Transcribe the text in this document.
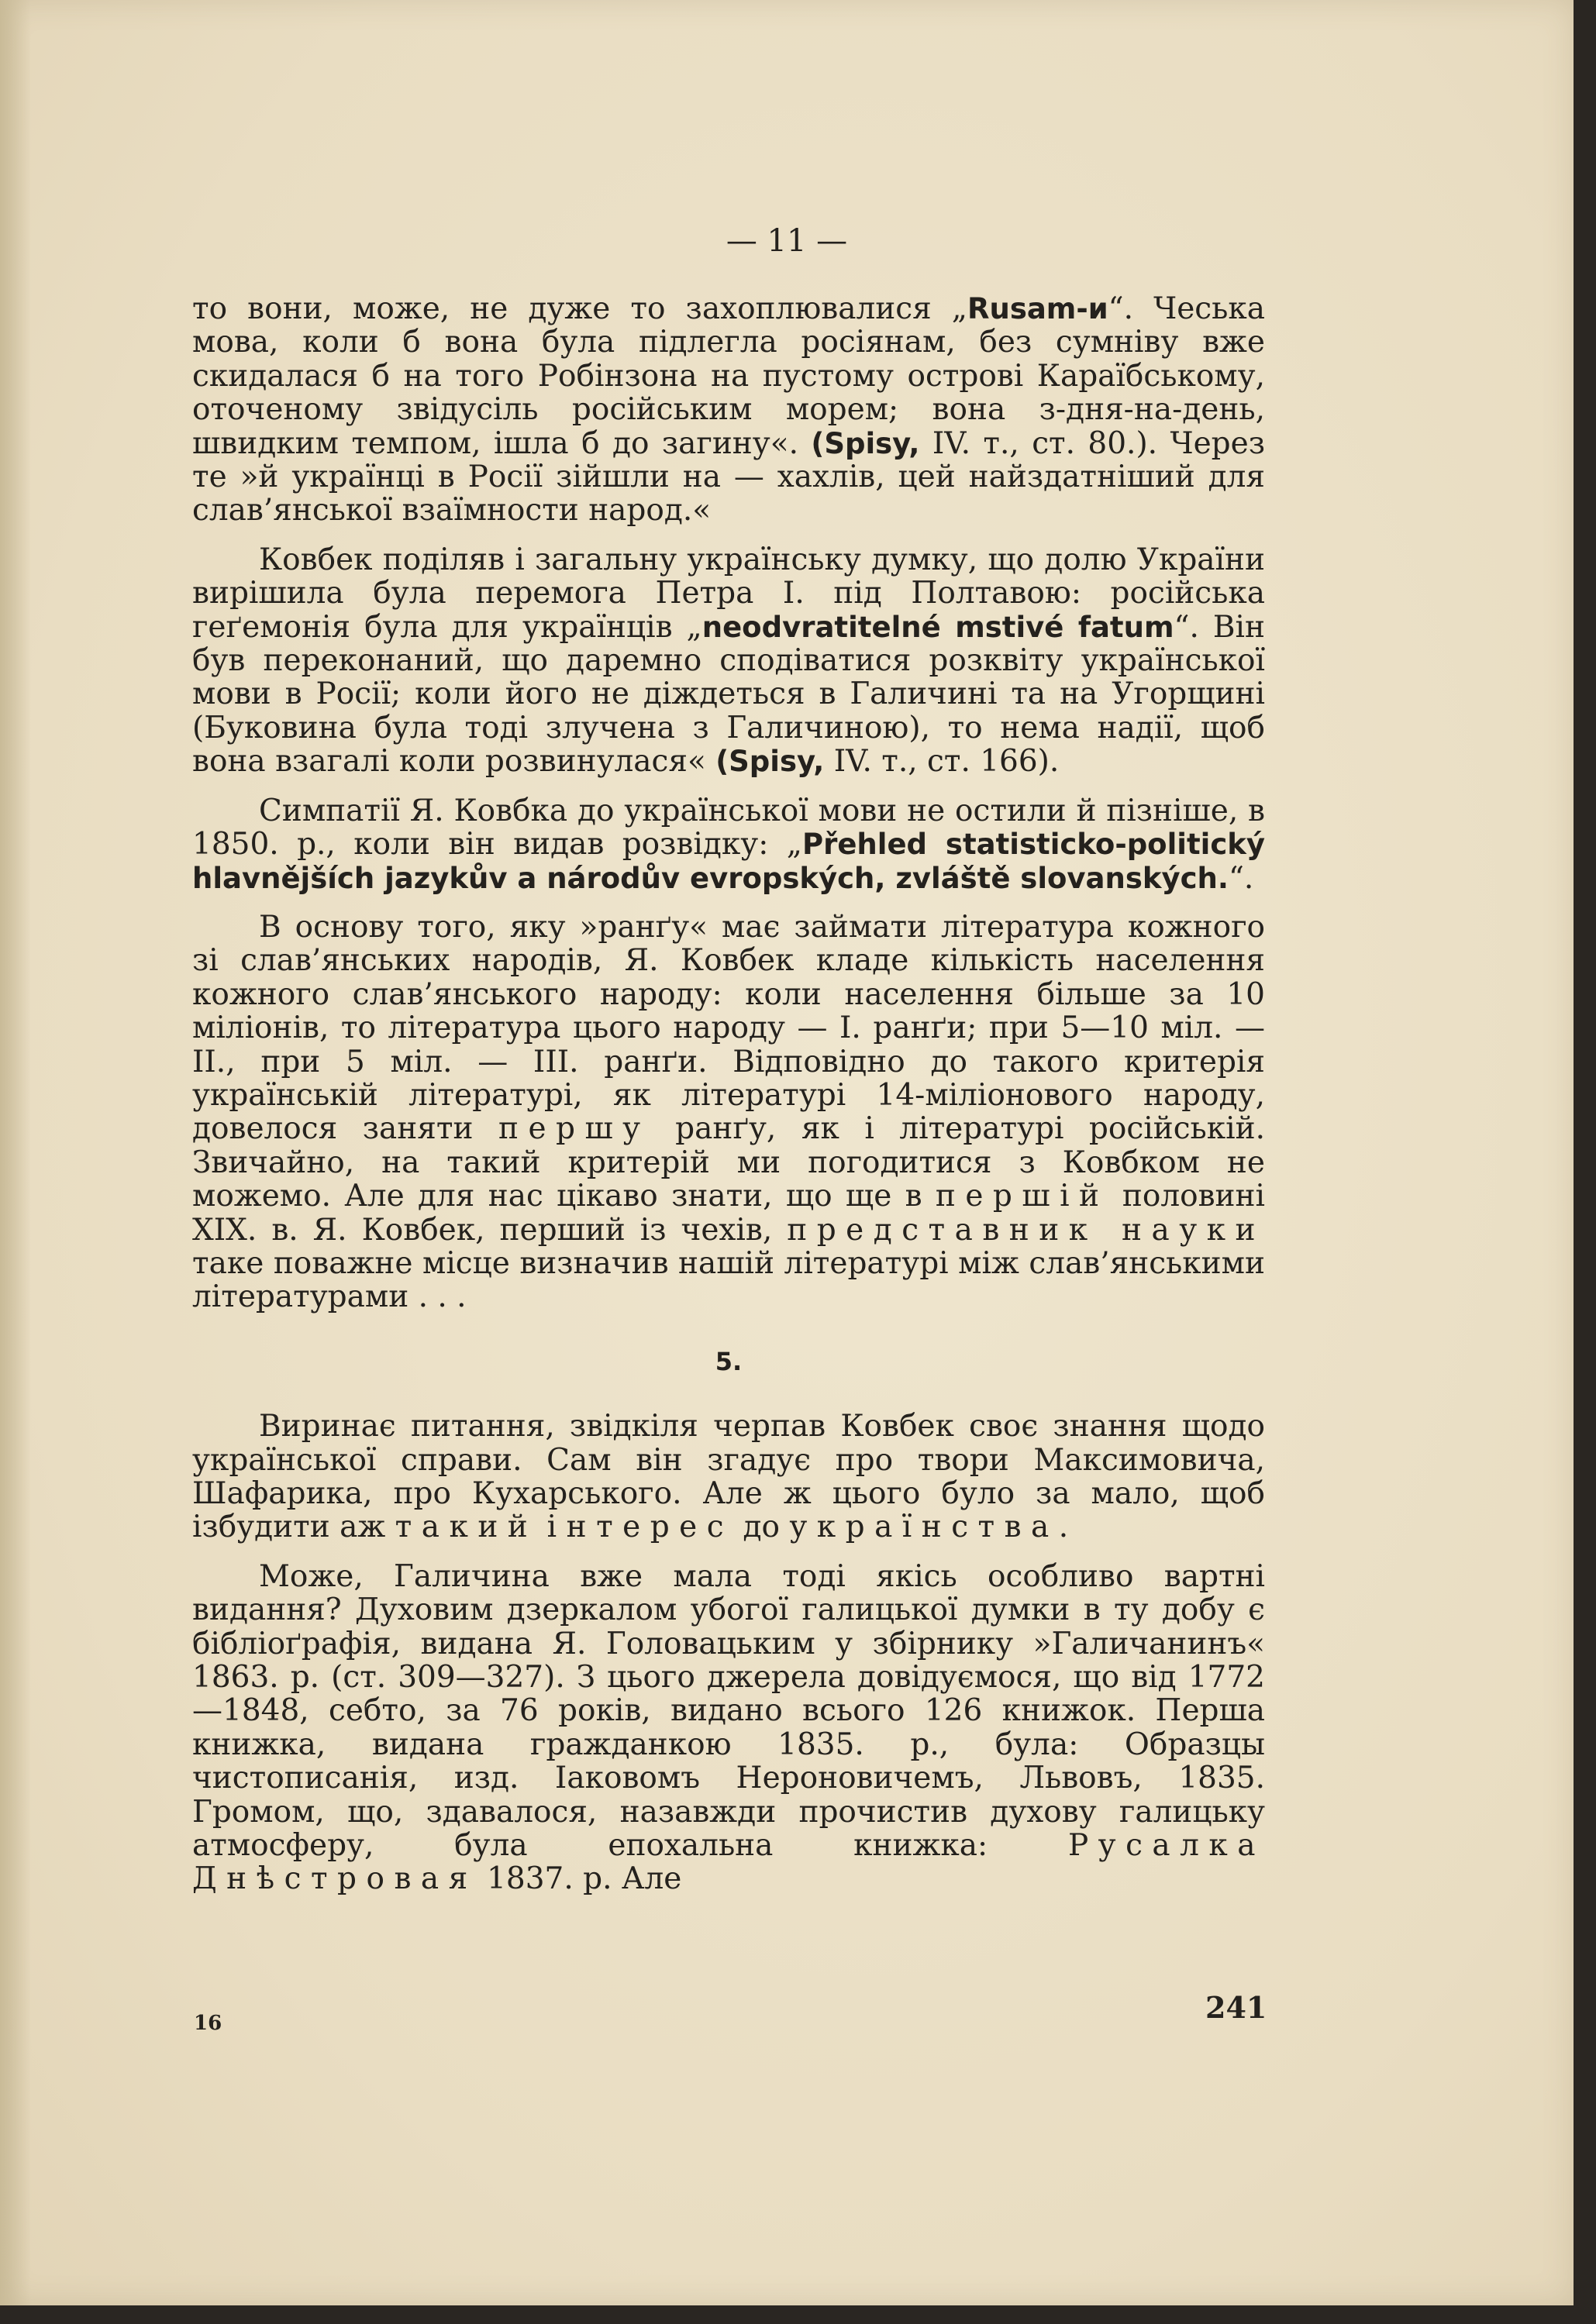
— 11 —

то вони, може, не дуже то захоплювалися „Rusam-и“. Чеська мова, коли б вона була підлегла росіянам, без сумніву вже скидалася б на того Робінзона на пустому острові Караїбському, оточеному звідусіль російським морем; вона з-дня-на-день, швидким темпом, ішла б до загину«. (Spisy, IV. т., ст. 80.). Через те »й українці в Росії зійшли на — хахлів, цей найздатніший для слав’янської взаїмности народ.«

Ковбек поділяв і загальну українську думку, що долю України вирішила була перемога Петра І. під Полтавою: російська геґемонія була для українців „neodvratitelné mstivé fatum“. Він був переконаний, що даремно сподіватися розквіту української мови в Росії; коли його не діждеться в Галичині та на Угорщині (Буковина була тоді злучена з Галичиною), то нема надії, щоб вона взагалі коли розвинулася« (Spisy, IV. т., ст. 166).

Симпатії Я. Ковбка до української мови не остили й пізніше, в 1850. р., коли він видав розвідку: „Přehled statisticko-politický hlavnějších jazykův a národův evropských, zvláště slovanských.“.

В основу того, яку »ранґу« має займати література кожного зі слав’янських народів, Я. Ковбек кладе кількість населення кожного слав’янського народу: коли населення більше за 10 міліонів, то література цього народу — І. ранґи; при 5—10 міл. — II., при 5 міл. — III. ранґи. Відповідно до такого критерія українській літературі, як літературі 14-міліонового народу, довелося заняти першу ранґу, як і літературі російській. Звичайно, на такий критерій ми погодитися з Ковбком не можемо. Але для нас цікаво знати, що ще в першій половині XIX. в. Я. Ковбек, перший із чехів, представник науки таке поважне місце визначив нашій літературі між слав’янськими літературами . . .

5.

Виринає питання, звідкіля черпав Ковбек своє знання щодо української справи. Сам він згадує про твори Максимовича, Шафарика, про Кухарського. Але ж цього було за мало, щоб ізбудити аж такий інтерес до українства.

Може, Галичина вже мала тоді якісь особливо вартні видання? Духовим дзеркалом убогої галицької думки в ту добу є бібліоґрафія, видана Я. Головацьким у збірнику »Галичанинъ« 1863. р. (ст. 309—327). З цього джерела довідуємося, що від 1772—1848, себто, за 76 років, видано всього 126 книжок. Перша книжка, видана гражданкою 1835. р., була: Образцы чистописанія, изд. Іаковомъ Нероновичемъ, Львовъ, 1835. Громом, що, здавалося, назавжди прочистив духову галицьку атмосферу, була епохальна книжка: Русалка Днѣстровая 1837. р. Але

16	241
